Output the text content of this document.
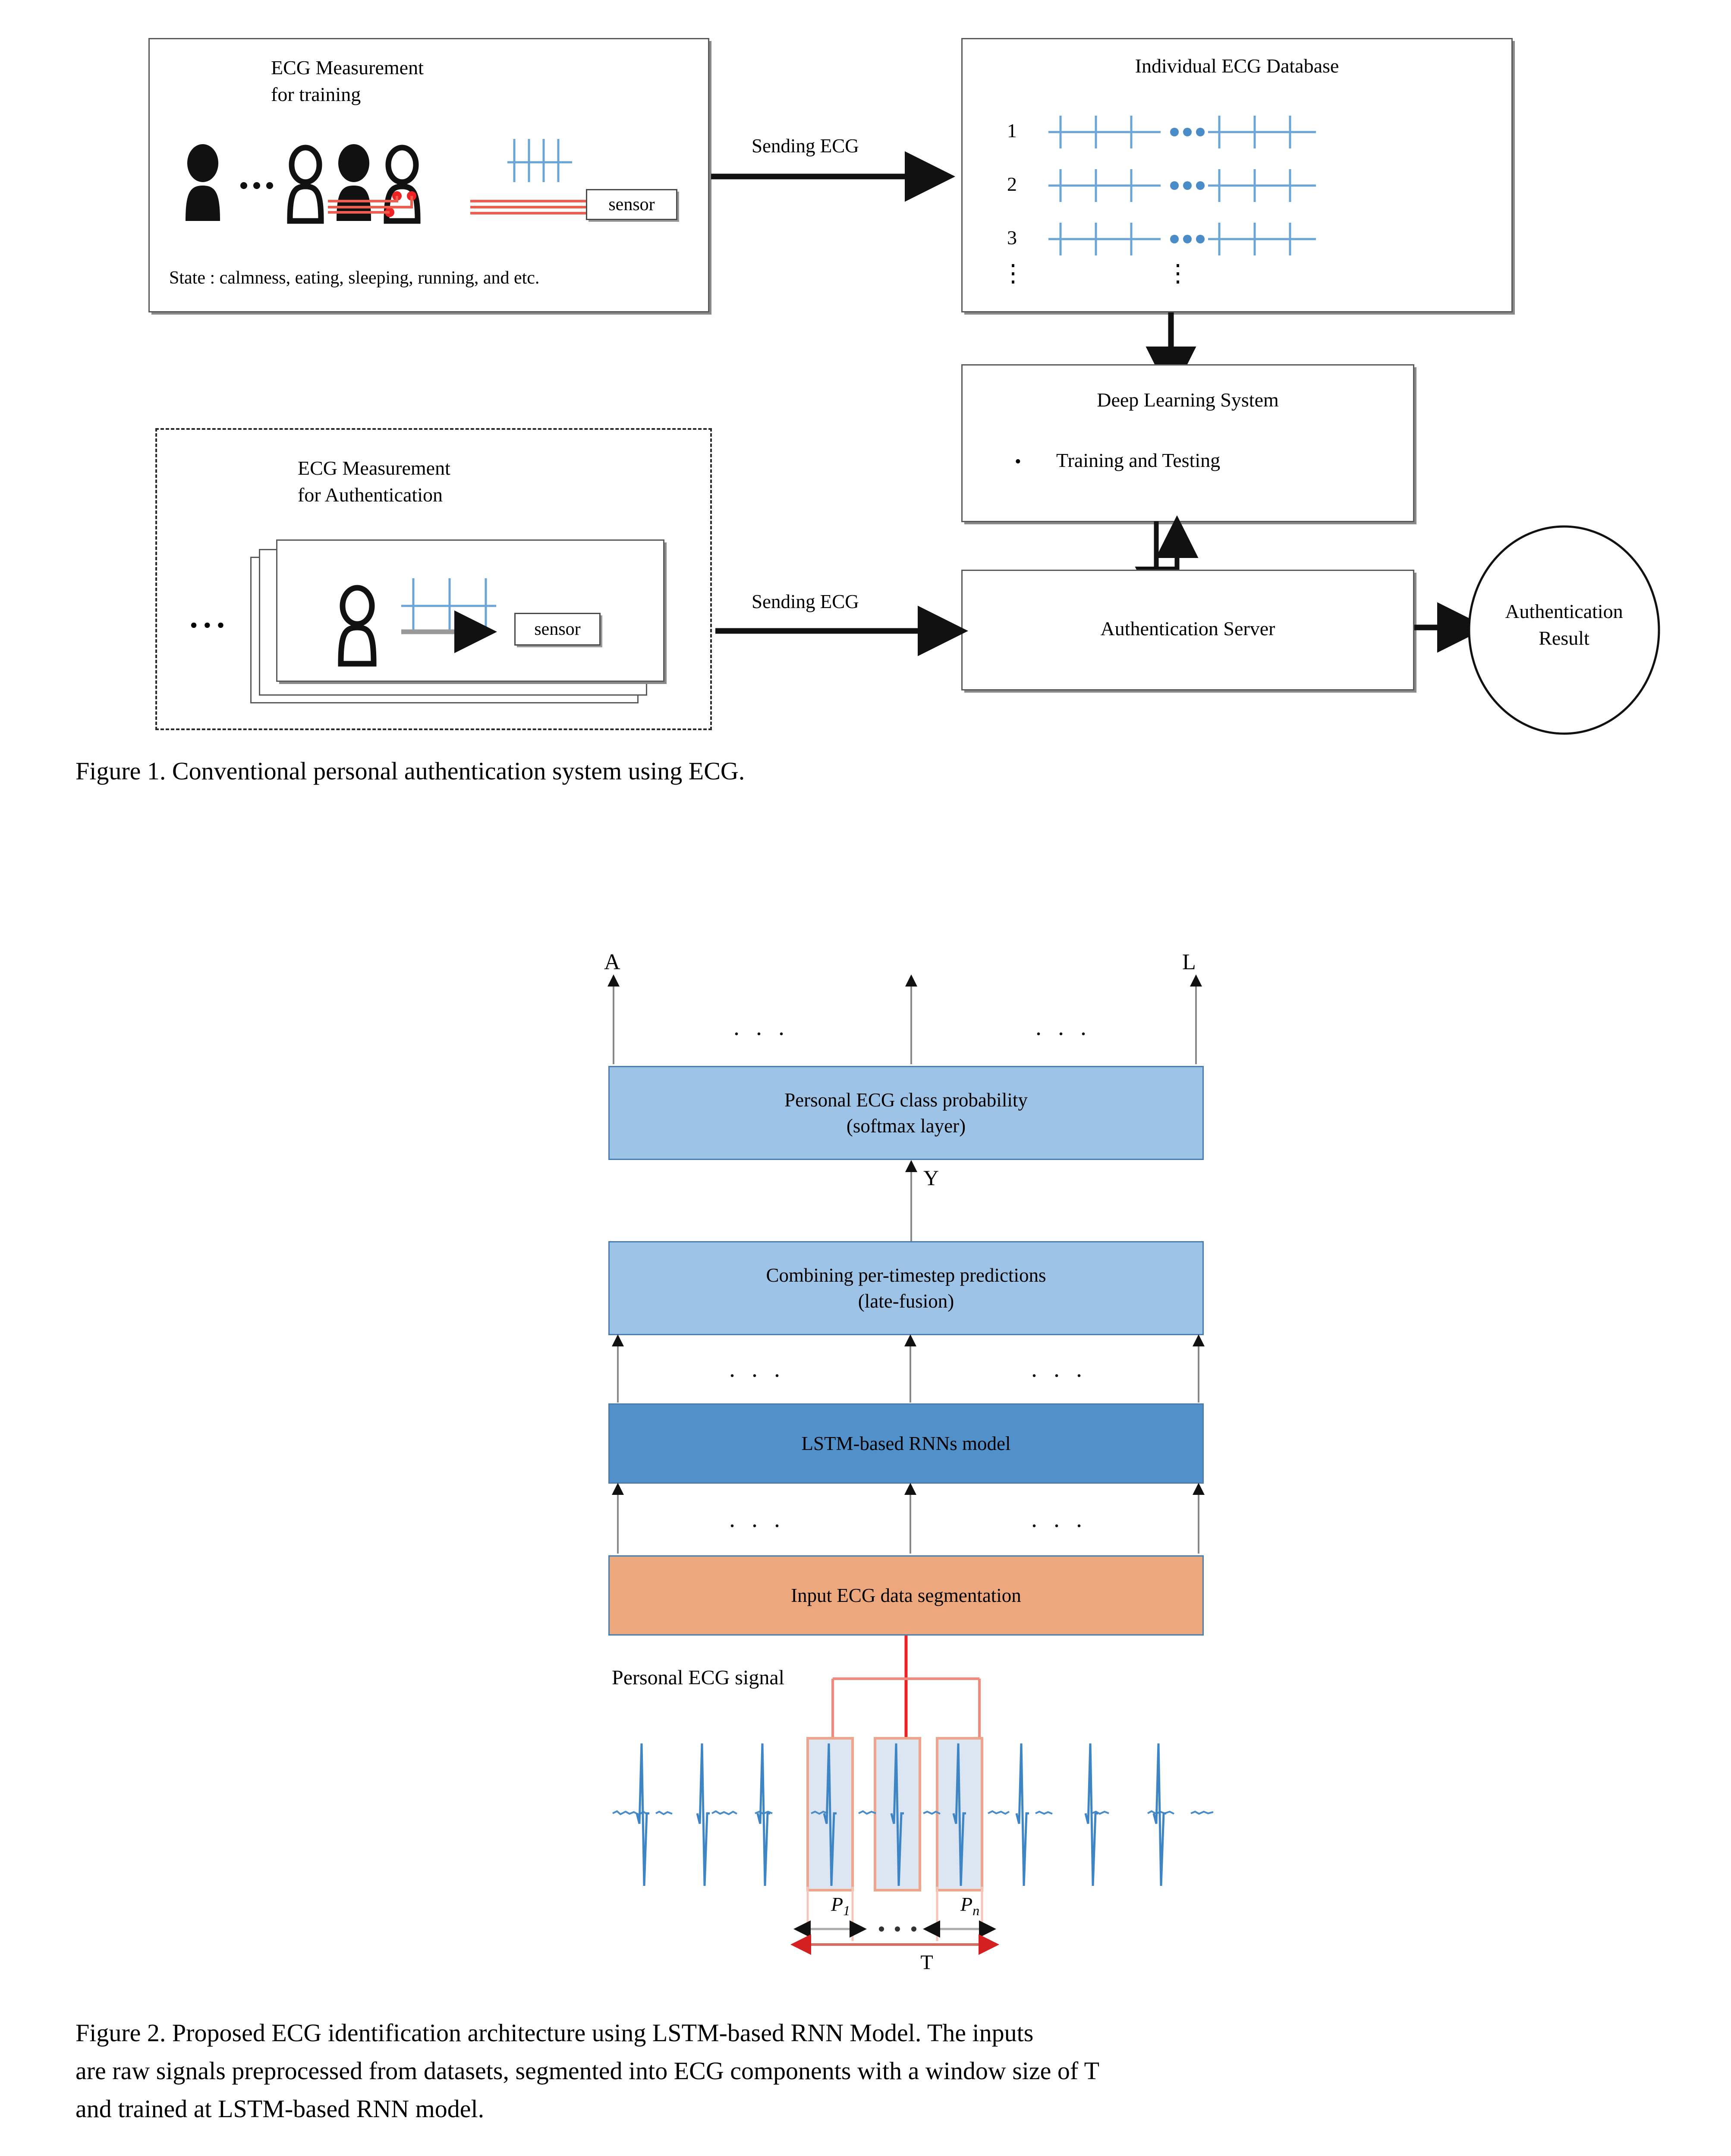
ECG Measurement
for training
sensor
State : calmness, eating, sleeping, running, and etc.
Sending ECG
Individual ECG Database
1
2
3
⋮	⋮
Deep Learning System
• Training and Testing
Authentication Server
Authentication
Result
ECG Measurement
for Authentication
• • •	sensor
Sending ECG
Figure 1. Conventional personal authentication system using ECG.
A	L
. . .	. . .
Personal ECG class probability
(softmax layer)
Y
Combining per-timestep predictions
(late-fusion)
. . .	. . .
LSTM-based RNNs model
. . .	. . .
Input ECG data segmentation
Personal ECG signal
$P_1$	$P_n$
T
Figure 2. Proposed ECG identification architecture using LSTM-based RNN Model. The inputs
are raw signals preprocessed from datasets, segmented into ECG components with a window size of T
and trained at LSTM-based RNN model.
